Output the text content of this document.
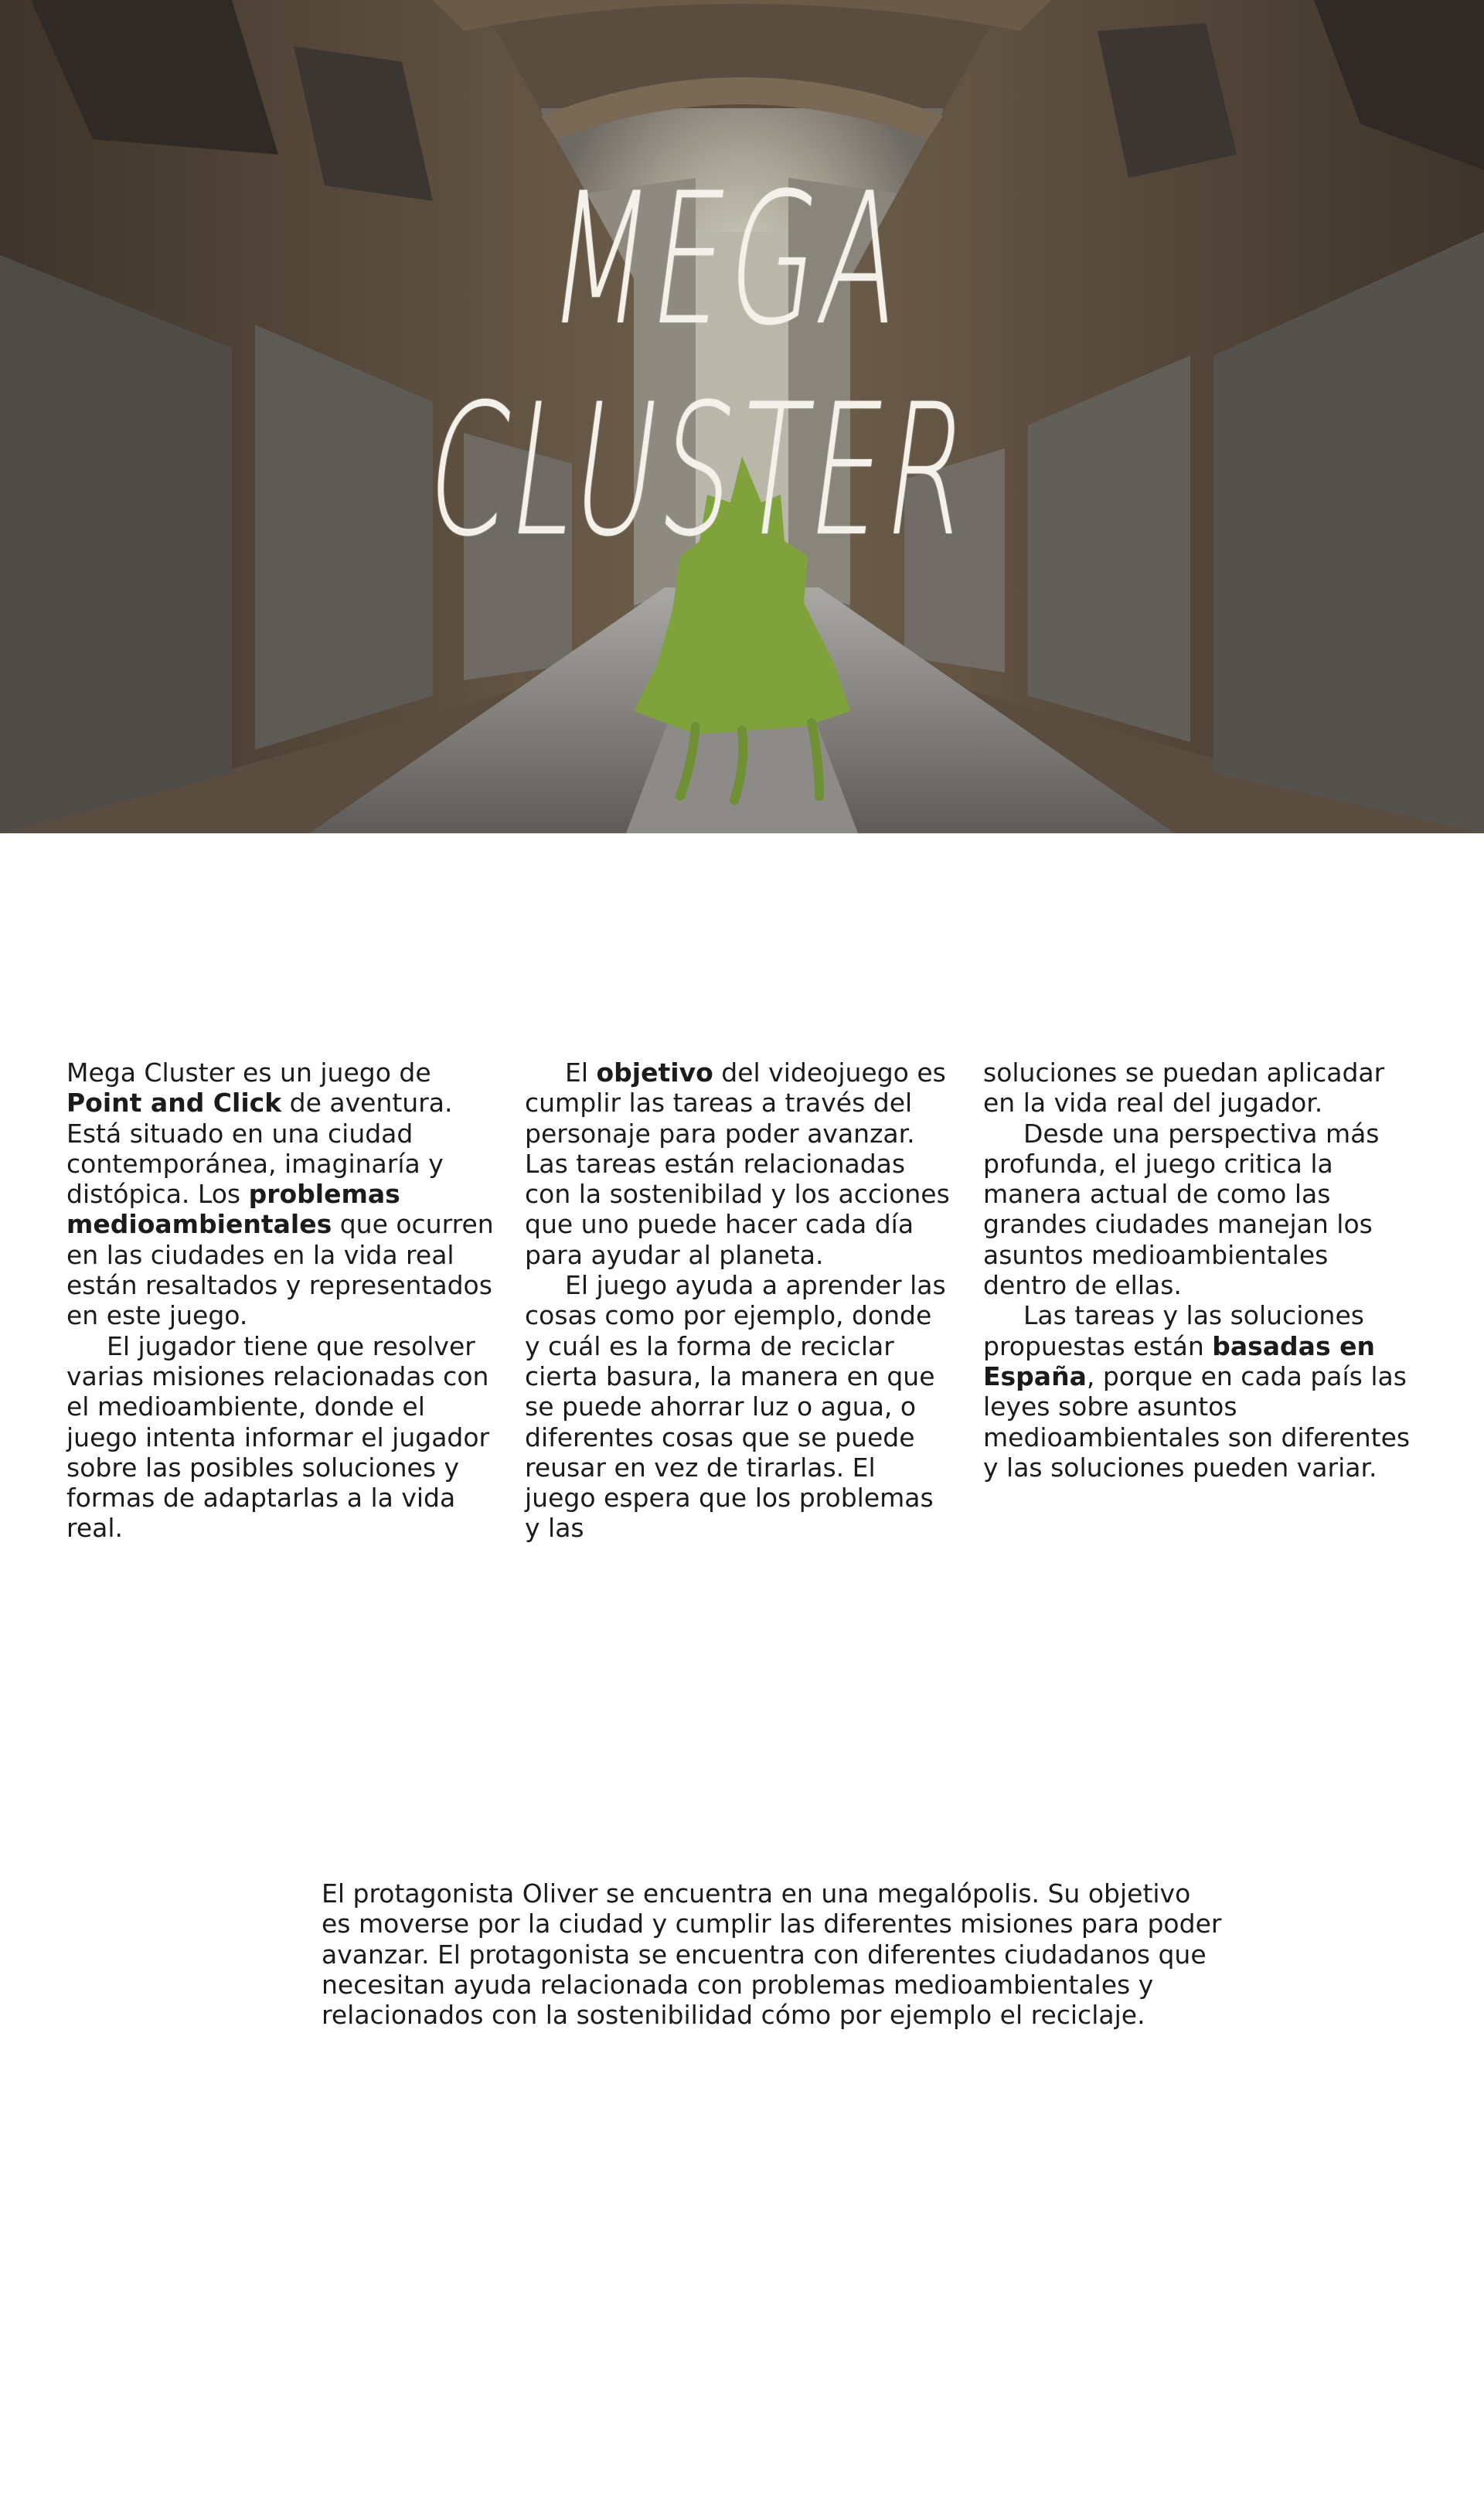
MEGA CLUSTER

Mega Cluster es un juego de Point and Click de aventura. Está situado en una ciudad contemporánea, imaginaría y distópica. Los problemas medioambientales que ocurren en las ciudades en la vida real están resaltados y representados en este juego.

El jugador tiene que resolver varias misiones relacionadas con el medioambiente, donde el juego intenta informar el jugador sobre las posibles soluciones y formas de adaptarlas a la vida real.

El objetivo del videojuego es cumplir las tareas a través del personaje para poder avanzar. Las tareas están relacionadas con la sostenibilad y los acciones que uno puede hacer cada día para ayudar al planeta.

El juego ayuda a aprender las cosas como por ejemplo, donde y cuál es la forma de reciclar cierta basura, la manera en que se puede ahorrar luz o agua, o diferentes cosas que se puede reusar en vez de tirarlas. El juego espera que los problemas y las

soluciones se puedan aplicadar en la vida real del jugador.

Desde una perspectiva más profunda, el juego critica la manera actual de como las grandes ciudades manejan los asuntos medioambientales dentro de ellas.

Las tareas y las soluciones propuestas están basadas en España, porque en cada país las leyes sobre asuntos medioambientales son diferentes y las soluciones pueden variar.

El protagonista Oliver se encuentra en una megalópolis. Su objetivo es moverse por la ciudad y cumplir las diferentes misiones para poder avanzar. El protagonista se encuentra con diferentes ciudadanos que necesitan ayuda relacionada con problemas medioambientales y relacionados con la sostenibilidad cómo por ejemplo el reciclaje.
